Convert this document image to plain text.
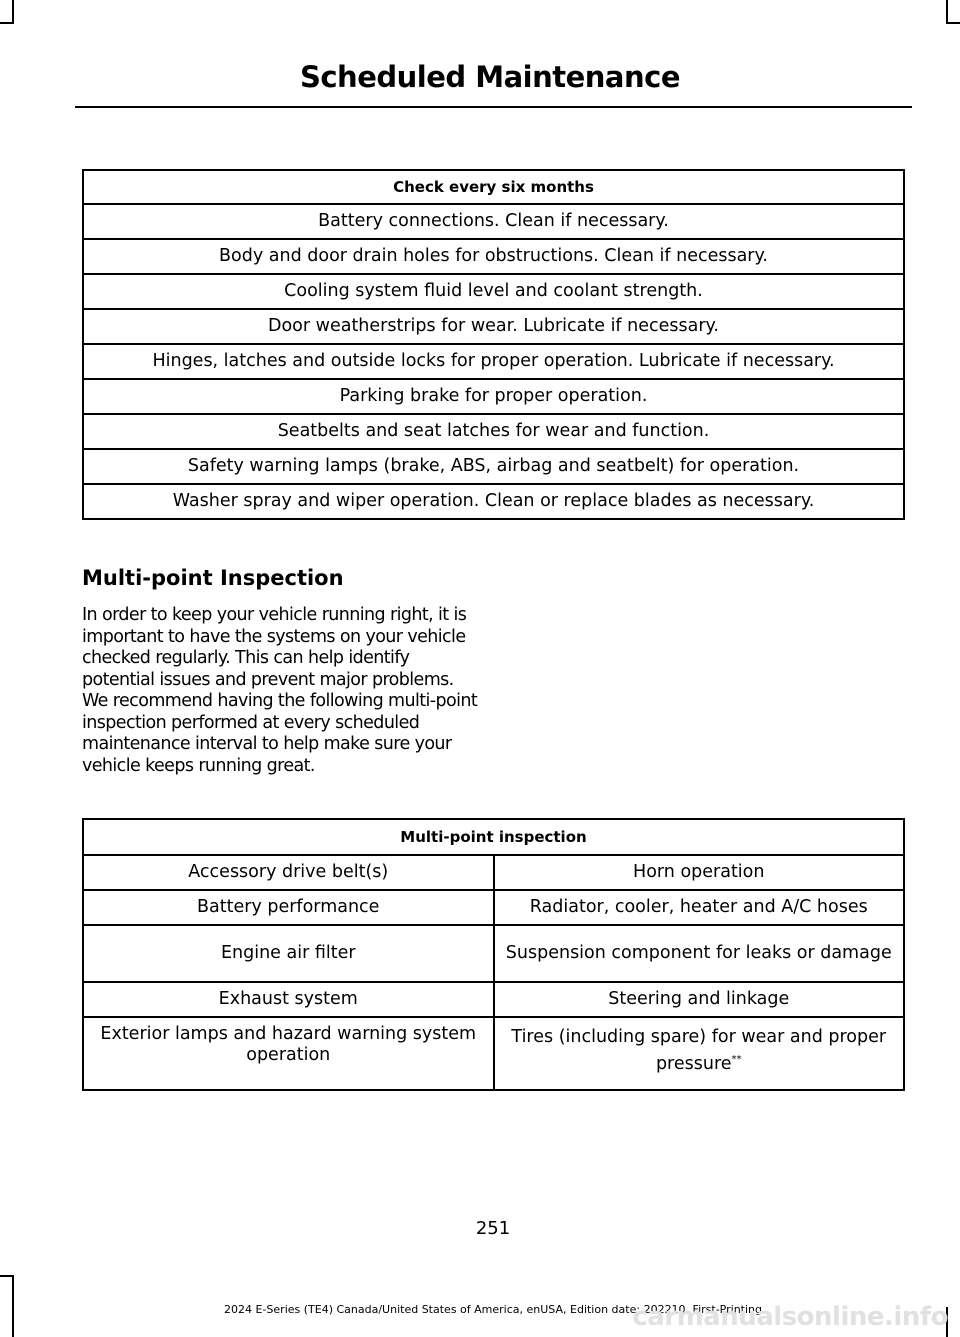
Scheduled Maintenance
Check every six months
Battery connections. Clean if necessary.
Body and door drain holes for obstructions. Clean if necessary.
Cooling system fluid level and coolant strength.
Door weatherstrips for wear. Lubricate if necessary.
Hinges, latches and outside locks for proper operation. Lubricate if necessary.
Parking brake for proper operation.
Seatbelts and seat latches for wear and function.
Safety warning lamps (brake, ABS, airbag and seatbelt) for operation.
Washer spray and wiper operation. Clean or replace blades as necessary.
Multi-point Inspection
In order to keep your vehicle running right, it is important to have the systems on your vehicle checked regularly. This can help identify potential issues and prevent major problems. We recommend having the following multi-point inspection performed at every scheduled maintenance interval to help make sure your vehicle keeps running great.
Multi-point inspection	
Accessory drive belt(s)	Horn operation
Battery performance	Radiator, cooler, heater and A/C hoses
Engine air filter	Suspension component for leaks or damage
Exhaust system	Steering and linkage
Exterior lamps and hazard warning system operation	Tires (including spare) for wear and proper pressure**
251
2024 E-Series (TE4) Canada/United States of America, enUSA, Edition date: 202210, First-Printing
carmanualsonline.info
